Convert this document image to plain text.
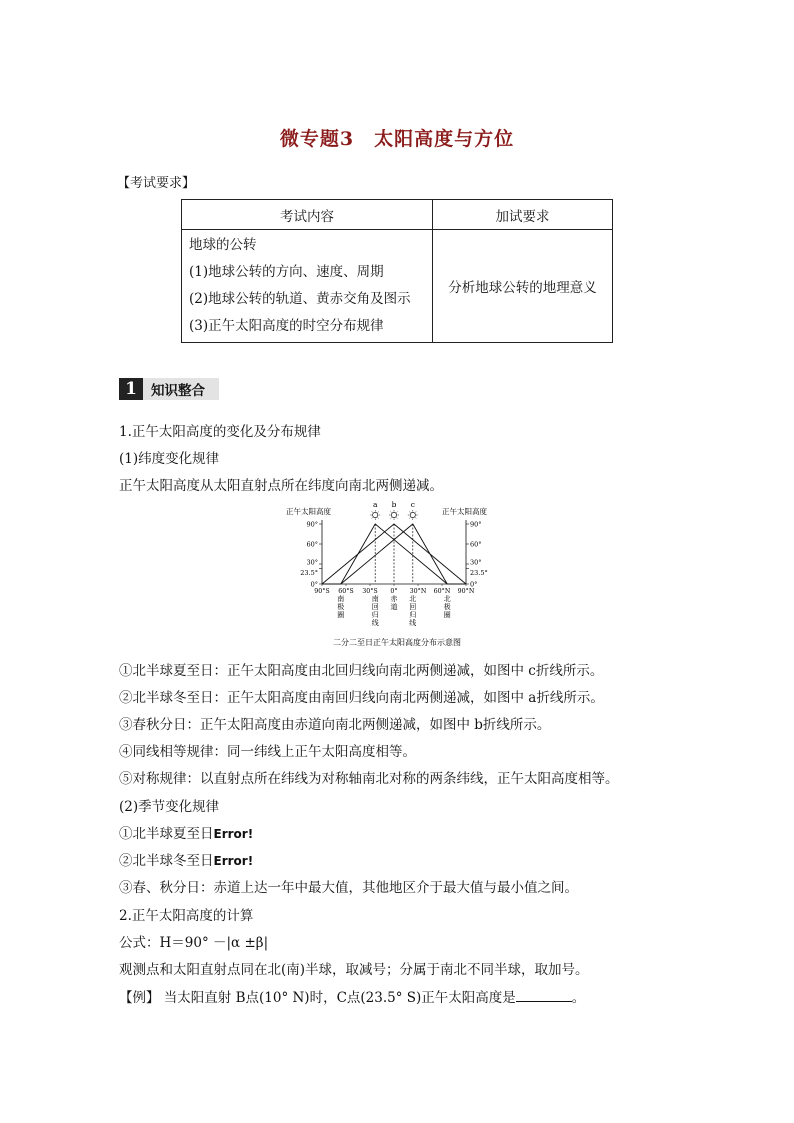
微专题3　太阳高度与方位
【考试要求】
考试内容	加试要求

地球的公转
(1)地球公转的方向、速度、周期
(2)地球公转的轨道、黄赤交角及图示
(3)正午太阳高度的时空分布规律	分析地球公转的地理意义
1	知识整合
1.正午太阳高度的变化及分布规律
(1)纬度变化规律
正午太阳高度从太阳直射点所在纬度向南北两侧递减。
正午太阳高度	正午太阳高度
90°
60°
30°
23.5°
0°
90°
60°
30°
23.5°
0°
90°S 60°S 30°S 0° 30°N 60°N 90°N
a b c
南极圈
南回归线
赤道
北回归线
北极圈
二分二至日正午太阳高度分布示意图
①北半球夏至日：正午太阳高度由北回归线向南北两侧递减，如图中 c折线所示。
②北半球冬至日：正午太阳高度由南回归线向南北两侧递减，如图中 a折线所示。
③春秋分日：正午太阳高度由赤道向南北两侧递减，如图中 b折线所示。
④同线相等规律：同一纬线上正午太阳高度相等。
⑤对称规律：以直射点所在纬线为对称轴南北对称的两条纬线，正午太阳高度相等。
(2)季节变化规律
①北半球夏至日Error!
②北半球冬至日Error!
③春、秋分日：赤道上达一年中最大值，其他地区介于最大值与最小值之间。
2.正午太阳高度的计算
公式：H＝90° －|α ±β|
观测点和太阳直射点同在北(南)半球，取减号；分属于南北不同半球，取加号。
【例】 当太阳直射 B点(10° N)时，C点(23.5° S)正午太阳高度是	。
